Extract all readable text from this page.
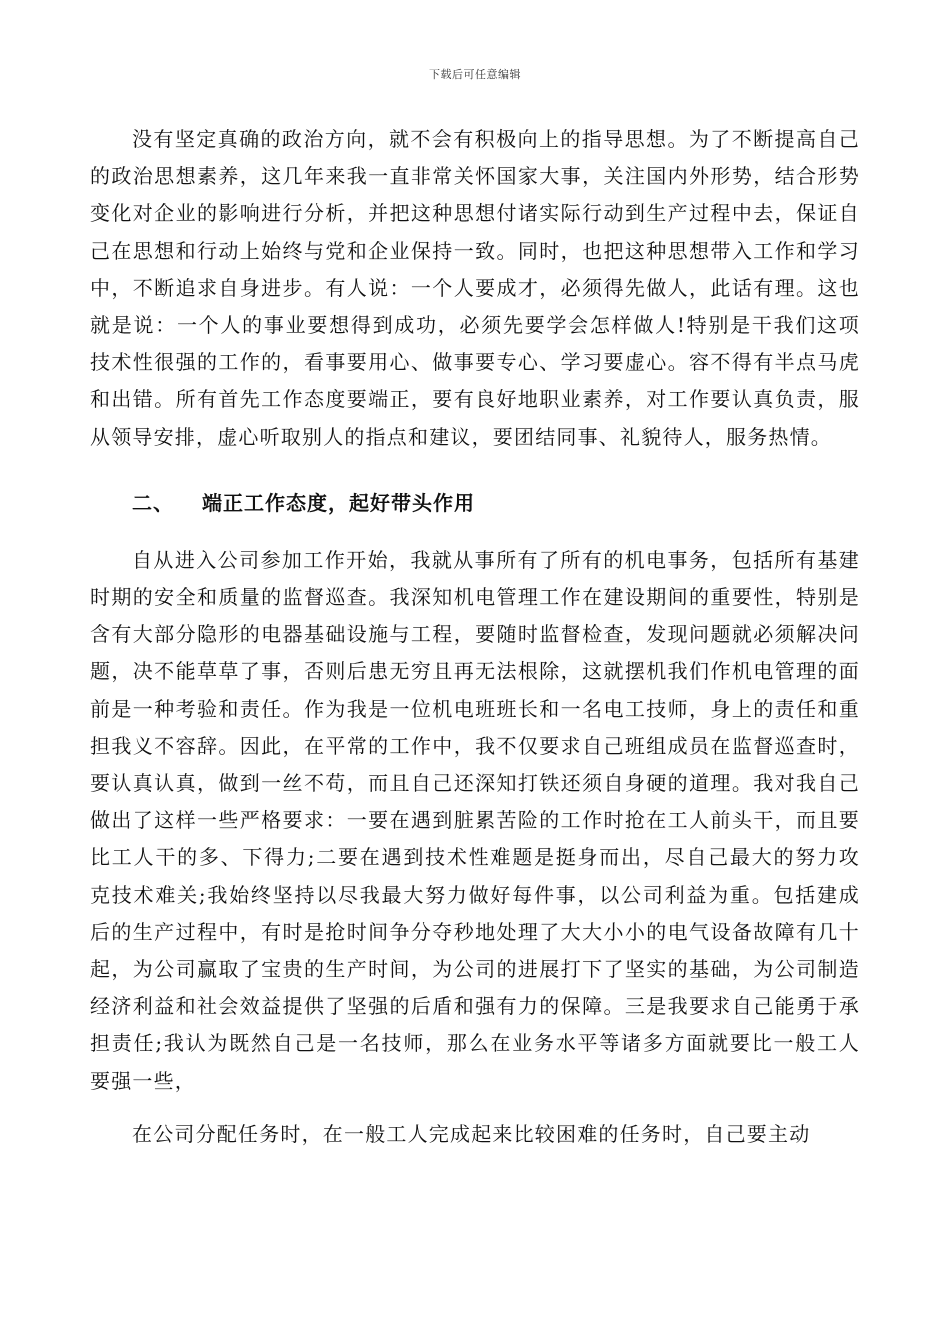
下载后可任意编辑

没有坚定真确的政治方向，就不会有积极向上的指导思想。为了不断提高自己的政治思想素养，这几年来我一直非常关怀国家大事，关注国内外形势，结合形势变化对企业的影响进行分析，并把这种思想付诸实际行动到生产过程中去，保证自己在思想和行动上始终与党和企业保持一致。同时，也把这种思想带入工作和学习中，不断追求自身进步。有人说：一个人要成才，必须得先做人，此话有理。这也就是说：一个人的事业要想得到成功，必须先要学会怎样做人!特别是干我们这项技术性很强的工作的，看事要用心、做事要专心、学习要虚心。容不得有半点马虎和出错。所有首先工作态度要端正，要有良好地职业素养，对工作要认真负责，服从领导安排，虚心听取别人的指点和建议，要团结同事、礼貌待人，服务热情。

二、 端正工作态度，起好带头作用

自从进入公司参加工作开始，我就从事所有了所有的机电事务，包括所有基建时期的安全和质量的监督巡查。我深知机电管理工作在建设期间的重要性，特别是含有大部分隐形的电器基础设施与工程，要随时监督检查，发现问题就必须解决问题，决不能草草了事，否则后患无穷且再无法根除，这就摆机我们作机电管理的面前是一种考验和责任。作为我是一位机电班班长和一名电工技师，身上的责任和重担我义不容辞。因此，在平常的工作中，我不仅要求自己班组成员在监督巡查时，要认真认真，做到一丝不苟，而且自己还深知打铁还须自身硬的道理。我对我自己做出了这样一些严格要求：一要在遇到脏累苦险的工作时抢在工人前头干，而且要比工人干的多、下得力;二要在遇到技术性难题是挺身而出，尽自己最大的努力攻克技术难关;我始终坚持以尽我最大努力做好每件事，以公司利益为重。包括建成后的生产过程中，有时是抢时间争分夺秒地处理了大大小小的电气设备故障有几十起，为公司赢取了宝贵的生产时间，为公司的进展打下了坚实的基础，为公司制造经济利益和社会效益提供了坚强的后盾和强有力的保障。三是我要求自己能勇于承担责任;我认为既然自己是一名技师，那么在业务水平等诸多方面就要比一般工人要强一些，

在公司分配任务时，在一般工人完成起来比较困难的任务时，自己要主动
